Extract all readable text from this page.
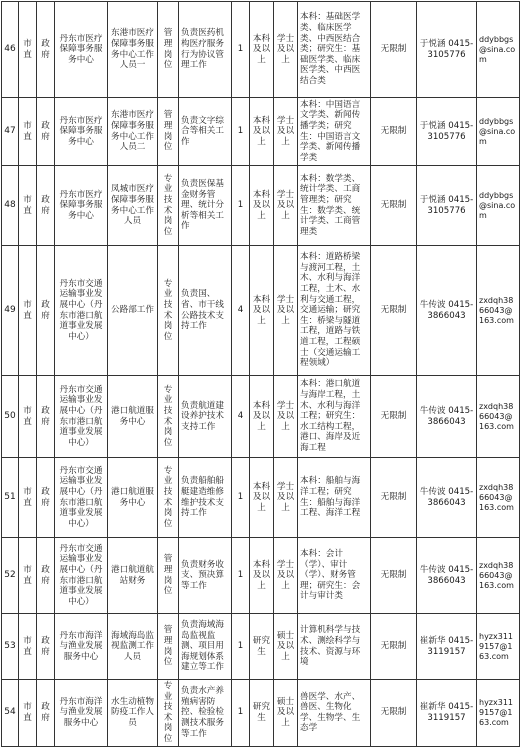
46	市直	政府	丹东市医疗保障事务服务中心	东港市医疗保障事务服务中心工作人员一	管理岗位	负责医药机构医疗服务行为协议管理工作	1	本科及以上	学士及以上	本科：基础医学类、临床医学类、中西医结合类；研究生：基础医学类、临床医学类、中西医结合类	无限制	于悦涵 0415-3105776	ddybbgs@sina.com
47	市直	政府	丹东市医疗保障事务服务中心	东港市医疗保障事务服务中心工作人员二	管理岗位	负责文字综合等相关工作	1	本科及以上	学士及以上	本科：中国语言文学类、新闻传播学类；研究生：中国语言文学类、新闻传播学类	无限制	于悦涵 0415-3105776	ddybbgs@sina.com
48	市直	政府	丹东市医疗保障事务服务中心	凤城市医疗保障事务服务中心工作人员	专业技术岗位	负责医保基金财务管理、统计分析等相关工作	1	本科及以上	学士及以上	本科：数学类、统计学类、工商管理类；研究生：数学类、统计学类、工商管理类	无限制	于悦涵 0415-3105776	ddybbgs@sina.com
49	市直	政府	丹东市交通运输事业发展中心（丹东市港口航道事业发展中心）	公路部工作	专业技术岗位	负责国、省、市干线公路技术支持工作	4	本科及以上	学士及以上	本科：道路桥梁与渡河工程，土木、水利与海洋工程，土木、水利与交通工程，交通运输；研究生：桥梁与隧道工程，道路与铁道工程，工程硕士（交通运输工程领域）	无限制	牛传波 0415-3866043	zxdqh3866043@163.com
50	市直	政府	丹东市交通运输事业发展中心（丹东市港口航道事业发展中心）	港口航道服务中心	专业技术岗位	负责航道建设养护技术支持工作	4	本科及以上	学士及以上	本科：港口航道与海岸工程，土木、水利与海洋工程；研究生：水工结构工程，港口、海岸及近海工程	无限制	牛传波 0415-3866043	zxdqh3866043@163.com
51	市直	政府	丹东市交通运输事业发展中心（丹东市港口航道事业发展中心）	港口航道服务中心	专业技术岗位	负责船舶船艇建造维修维护技术支持工作	1	本科及以上	学士及以上	本科：船舶与海洋工程；研究生：船舶与海洋工程、海洋工程	无限制	牛传波 0415-3866043	zxdqh3866043@163.com
52	市直	政府	丹东市交通运输事业发展中心（丹东市港口航道事业发展中心）	港口航道航站财务	管理岗位	负责财务收支、预决算等工作	1	本科及以上	学士及以上	本科：会计（学）、审计（学）、财务管理；研究生：会计与审计类	无限制	牛传波 0415-3866043	zxdqh3866043@163.com
53	市直	政府	丹东市海洋与渔业发展服务中心	海域海岛监视监测工作人员	管理岗位	负责海域海岛监视监测、项目用海规划体系建立等工作	1	研究生	硕士及以上	计算机科学与技术、测绘科学与技术、资源与环境	无限制	崔新华 0415-3119157	hyzx3119157@163.com
54	市直	政府	丹东市海洋与渔业发展服务中心	水生动植物防疫工作人员	专业技术岗位	负责水产养殖病害防控、检验检测技术服务等工作	1	研究生	硕士及以上	兽医学、水产、兽医、生物化学、生物学、生态学	无限制	崔新华 0415-3119157	hyzx3119157@163.com
